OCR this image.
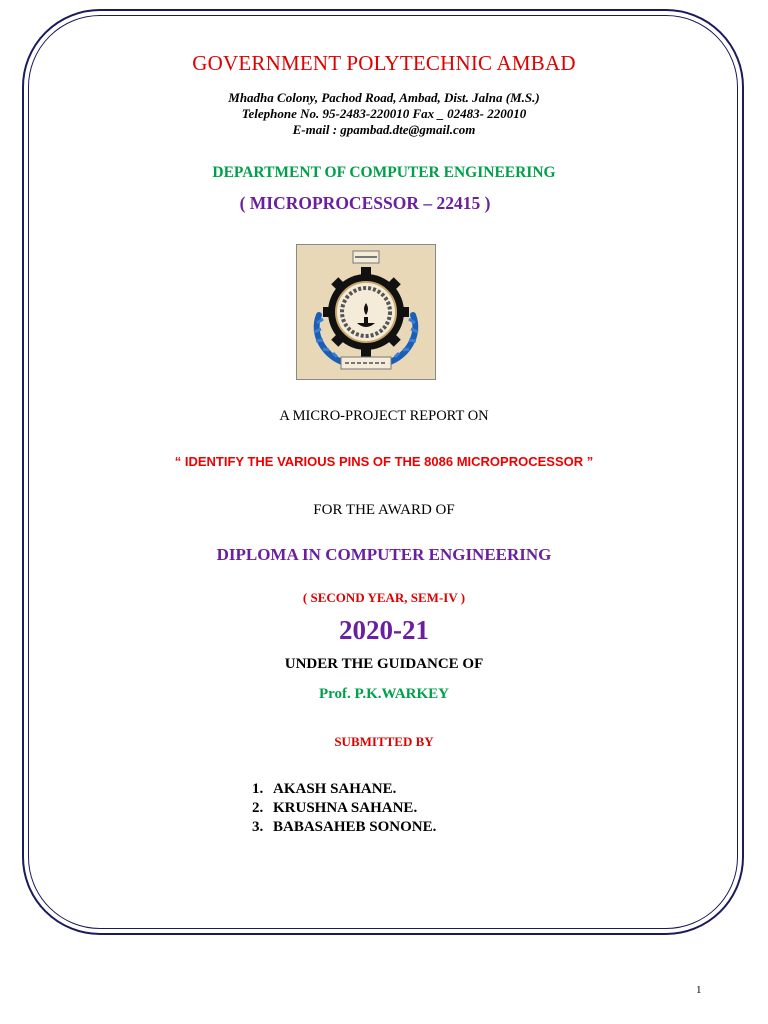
GOVERNMENT POLYTECHNIC AMBAD
Mhadha Colony, Pachod Road, Ambad, Dist. Jalna (M.S.)
Telephone No. 95-2483-220010 Fax _ 02483- 220010
E-mail : gpambad.dte@gmail.com
DEPARTMENT OF COMPUTER ENGINEERING
( MICROPROCESSOR – 22415 )
A MICRO-PROJECT REPORT ON
“ IDENTIFY THE VARIOUS PINS OF THE 8086 MICROPROCESSOR ”
FOR THE AWARD OF
DIPLOMA IN COMPUTER ENGINEERING
( SECOND YEAR, SEM-IV )
2020-21
UNDER THE GUIDANCE OF
Prof. P.K.WARKEY
SUBMITTED BY
1. AKASH SAHANE.
2. KRUSHNA SAHANE.
3. BABASAHEB SONONE.
1
